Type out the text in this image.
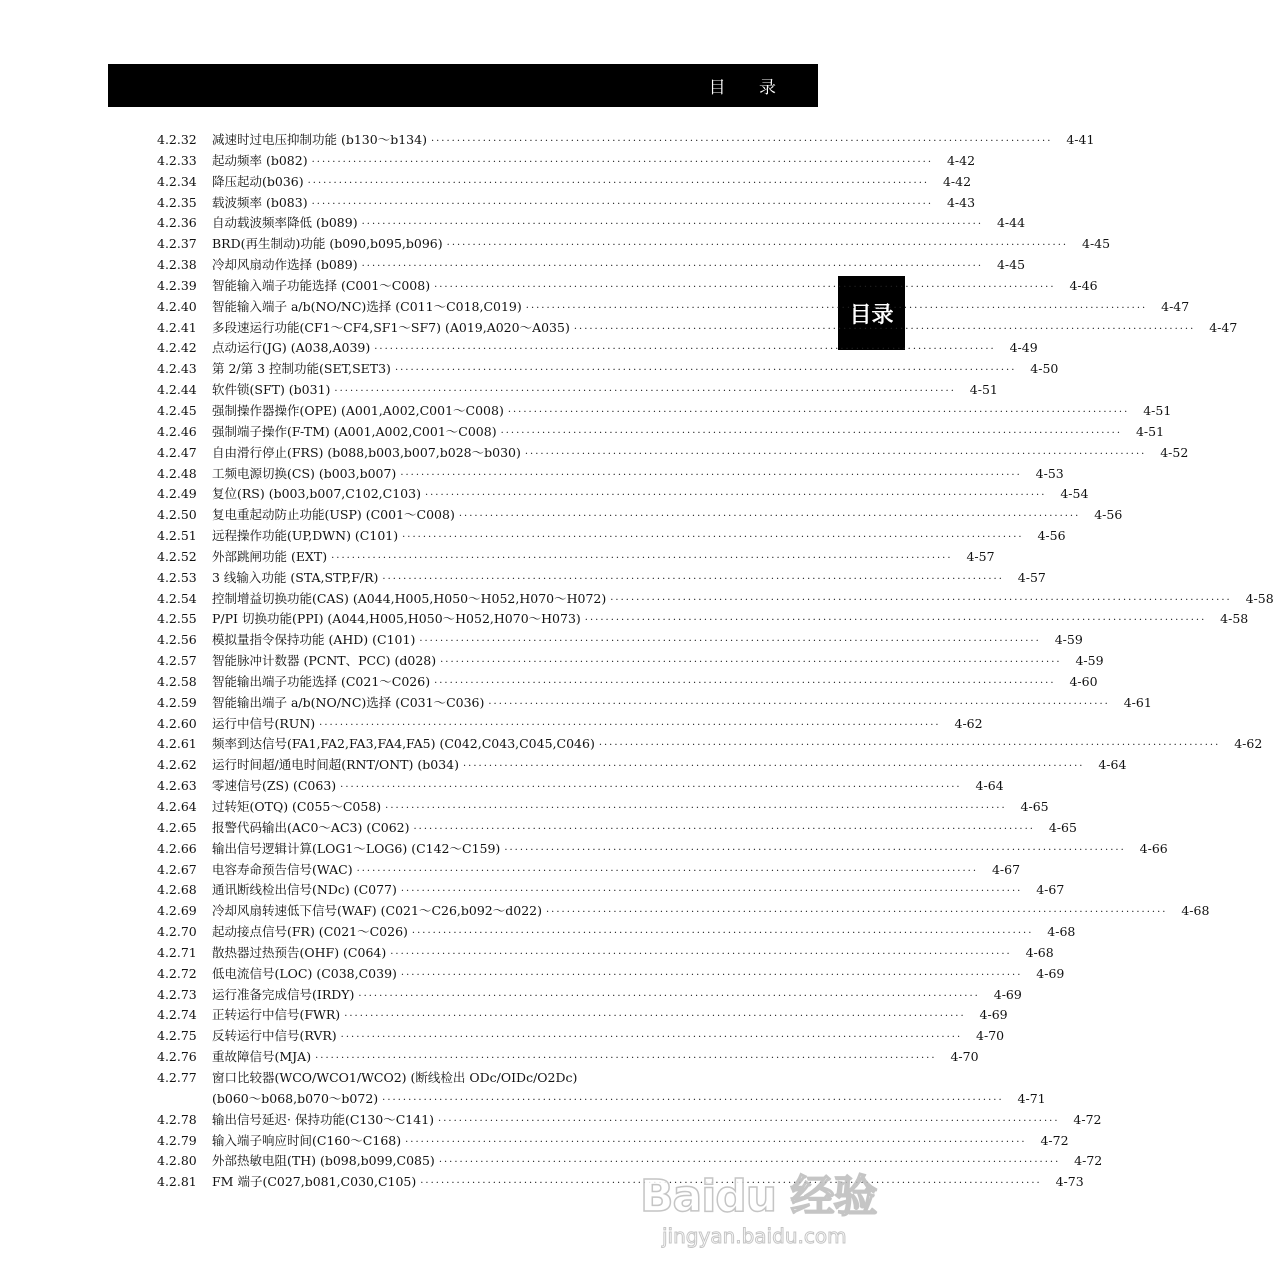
目 录
目录
4.2.32	减速时过电压抑制功能 (b130～b134) ·····	4-41
4.2.33	起动频率 (b082) ·····	4-42
4.2.34	降压起动(b036) ·····	4-42
4.2.35	载波频率 (b083) ·····	4-43
4.2.36	自动载波频率降低 (b089) ·····	4-44
4.2.37	BRD(再生制动)功能 (b090,b095,b096) ·····	4-45
4.2.38	冷却风扇动作选择 (b089) ·····	4-45
4.2.39	智能输入端子功能选择 (C001～C008) ·····	4-46
4.2.40	智能输入端子 a/b(NO/NC)选择 (C011～C018,C019) ·····	4-47
4.2.41	多段速运行功能(CF1～CF4,SF1～SF7) (A019,A020～A035) ·····	4-47
4.2.42	点动运行(JG) (A038,A039) ·····	4-49
4.2.43	第 2/第 3 控制功能(SET,SET3) ·····	4-50
4.2.44	软件锁(SFT) (b031) ·····	4-51
4.2.45	强制操作器操作(OPE) (A001,A002,C001～C008) ·····	4-51
4.2.46	强制端子操作(F-TM) (A001,A002,C001～C008) ·····	4-51
4.2.47	自由滑行停止(FRS) (b088,b003,b007,b028～b030) ·····	4-52
4.2.48	工频电源切换(CS) (b003,b007) ·····	4-53
4.2.49	复位(RS) (b003,b007,C102,C103) ·····	4-54
4.2.50	复电重起动防止功能(USP) (C001～C008) ·····	4-56
4.2.51	远程操作功能(UP,DWN) (C101) ·····	4-56
4.2.52	外部跳闸功能 (EXT) ·····	4-57
4.2.53	3 线输入功能 (STA,STP,F/R) ·····	4-57
4.2.54	控制增益切换功能(CAS) (A044,H005,H050～H052,H070～H072) ·····	4-58
4.2.55	P/PI 切换功能(PPI) (A044,H005,H050～H052,H070～H073) ·····	4-58
4.2.56	模拟量指令保持功能 (AHD) (C101) ·····	4-59
4.2.57	智能脉冲计数器 (PCNT、PCC) (d028) ·····	4-59
4.2.58	智能输出端子功能选择 (C021～C026) ·····	4-60
4.2.59	智能输出端子 a/b(NO/NC)选择 (C031～C036) ·····	4-61
4.2.60	运行中信号(RUN) ·····	4-62
4.2.61	频率到达信号(FA1,FA2,FA3,FA4,FA5) (C042,C043,C045,C046) ·····	4-62
4.2.62	运行时间超/通电时间超(RNT/ONT) (b034) ·····	4-64
4.2.63	零速信号(ZS) (C063) ·····	4-64
4.2.64	过转矩(OTQ) (C055～C058) ·····	4-65
4.2.65	报警代码输出(AC0～AC3) (C062) ·····	4-65
4.2.66	输出信号逻辑计算(LOG1～LOG6) (C142～C159) ·····	4-66
4.2.67	电容寿命预告信号(WAC) ·····	4-67
4.2.68	通讯断线检出信号(NDc) (C077) ·····	4-67
4.2.69	冷却风扇转速低下信号(WAF) (C021～C26,b092～d022) ·····	4-68
4.2.70	起动接点信号(FR) (C021～C026) ·····	4-68
4.2.71	散热器过热预告(OHF) (C064) ·····	4-68
4.2.72	低电流信号(LOC) (C038,C039) ·····	4-69
4.2.73	运行准备完成信号(IRDY) ·····	4-69
4.2.74	正转运行中信号(FWR) ·····	4-69
4.2.75	反转运行中信号(RVR) ·····	4-70
4.2.76	重故障信号(MJA) ·····	4-70
4.2.77	窗口比较器(WCO/WCO1/WCO2) (断线检出 ODc/OIDc/O2Dc)
(b060～b068,b070～b072) ·····	4-71
4.2.78	输出信号延迟· 保持功能(C130～C141) ·····	4-72
4.2.79	输入端子响应时间(C160～C168) ·····	4-72
4.2.80	外部热敏电阻(TH) (b098,b099,C085) ·····	4-72
4.2.81	FM 端子(C027,b081,C030,C105) ·····	4-73
Baidu 经验
jingyan.baidu.com
